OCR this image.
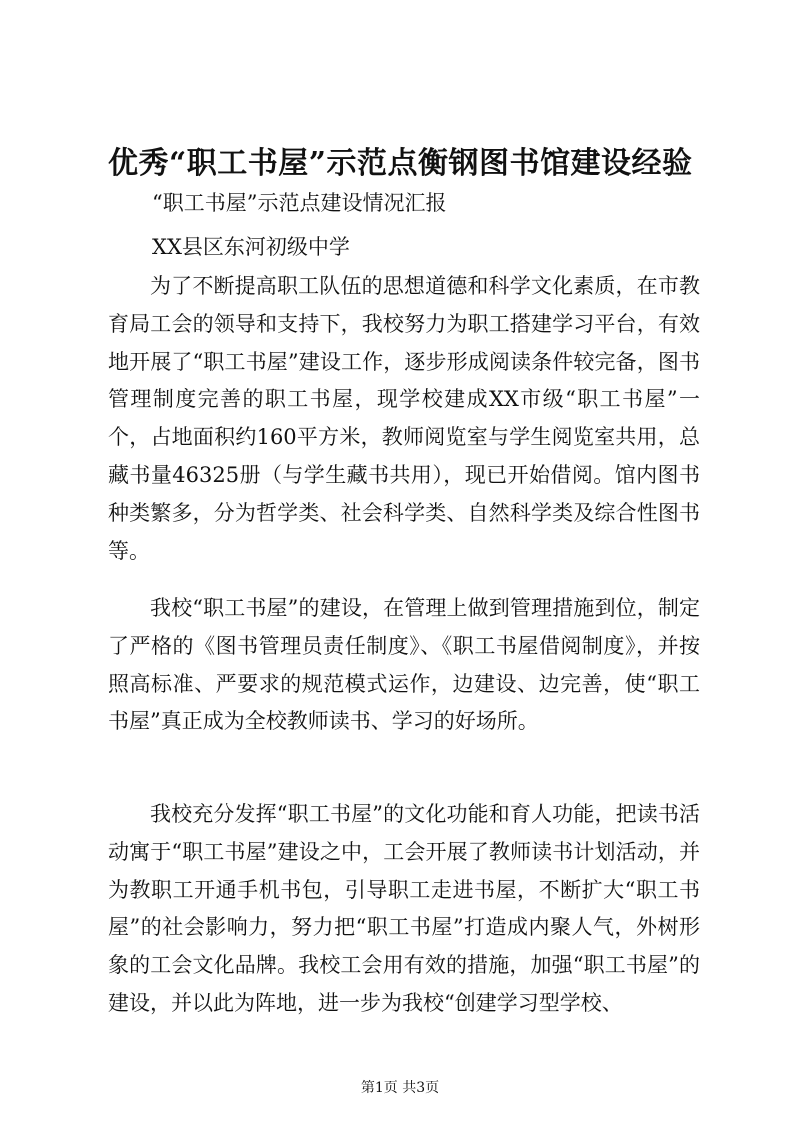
优秀“职工书屋”示范点衡钢图书馆建设经验
“职工书屋”示范点建设情况汇报
XX县区东河初级中学

为了不断提高职工队伍的思想道德和科学文化素质，在市教育局工会的领导和支持下，我校努力为职工搭建学习平台，有效地开展了“职工书屋”建设工作，逐步形成阅读条件较完备，图书管理制度完善的职工书屋，现学校建成XX市级“职工书屋”一个，占地面积约160平方米，教师阅览室与学生阅览室共用，总藏书量46325册（与学生藏书共用），现已开始借阅。馆内图书种类繁多，分为哲学类、社会科学类、自然科学类及综合性图书等。

我校“职工书屋”的建设，在管理上做到管理措施到位，制定了严格的《图书管理员责任制度》、《职工书屋借阅制度》，并按照高标准、严要求的规范模式运作，边建设、边完善，使“职工书屋”真正成为全校教师读书、学习的好场所。

我校充分发挥“职工书屋”的文化功能和育人功能，把读书活动寓于“职工书屋”建设之中，工会开展了教师读书计划活动，并为教职工开通手机书包，引导职工走进书屋，不断扩大“职工书屋”的社会影响力，努力把“职工书屋”打造成内聚人气，外树形象的工会文化品牌。我校工会用有效的措施，加强“职工书屋”的建设，并以此为阵地，进一步为我校“创建学习型学校、

第1页 共3页
